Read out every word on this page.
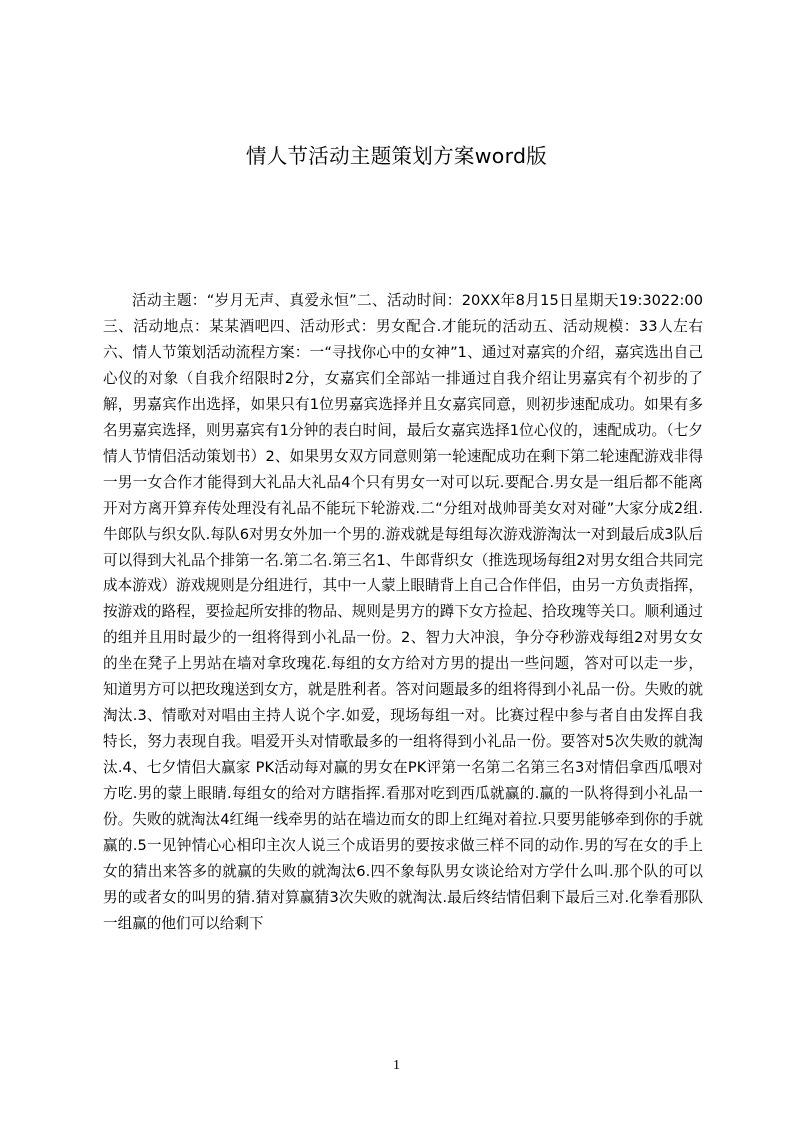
情人节活动主题策划方案word版

活动主题：“岁月无声、真爱永恒”二、活动时间：20XX年8月15日星期天19:3022:00三、活动地点：某某酒吧四、活动形式：男女配合.才能玩的活动五、活动规模：33人左右六、情人节策划活动流程方案：一“寻找你心中的女神”1、通过对嘉宾的介绍，嘉宾选出自己心仪的对象（自我介绍限时2分，女嘉宾们全部站一排通过自我介绍让男嘉宾有个初步的了解，男嘉宾作出选择，如果只有1位男嘉宾选择并且女嘉宾同意，则初步速配成功。如果有多名男嘉宾选择，则男嘉宾有1分钟的表白时间，最后女嘉宾选择1位心仪的，速配成功。（七夕情人节情侣活动策划书）2、如果男女双方同意则第一轮速配成功在剩下第二轮速配游戏非得一男一女合作才能得到大礼品大礼品4个只有男女一对可以玩.要配合.男女是一组后都不能离开对方离开算弃传处理没有礼品不能玩下轮游戏.二“分组对战帅哥美女对对碰”大家分成2组.牛郎队与织女队.每队6对男女外加一个男的.游戏就是每组每次游戏游淘汰一对到最后成3队后可以得到大礼品个排第一名.第二名.第三名1、牛郎背织女（推选现场每组2对男女组合共同完成本游戏）游戏规则是分组进行，其中一人蒙上眼睛背上自己合作伴侣，由另一方负责指挥，按游戏的路程，要捡起所安排的物品、规则是男方的蹲下女方捡起、拾玫瑰等关口。顺利通过的组并且用时最少的一组将得到小礼品一份。2、智力大冲浪，争分夺秒游戏每组2对男女女的坐在凳子上男站在墙对拿玫瑰花.每组的女方给对方男的提出一些问题，答对可以走一步，知道男方可以把玫瑰送到女方，就是胜利者。答对问题最多的组将得到小礼品一份。失败的就淘汰.3、情歌对对唱由主持人说个字.如爱，现场每组一对。比赛过程中参与者自由发挥自我特长，努力表现自我。唱爱开头对情歌最多的一组将得到小礼品一份。要答对5次失败的就淘汰.4、七夕情侣大赢家 PK活动每对赢的男女在PK评第一名第二名第三名3对情侣拿西瓜喂对方吃.男的蒙上眼睛.每组女的给对方瞎指挥.看那对吃到西瓜就赢的.赢的一队将得到小礼品一份。失败的就淘汰4红绳一线牵男的站在墙边而女的即上红绳对着拉.只要男能够牵到你的手就赢的.5一见钟情心心相印主次人说三个成语男的要按求做三样不同的动作.男的写在女的手上女的猜出来答多的就赢的失败的就淘汰6.四不象每队男女谈论给对方学什么叫.那个队的可以男的或者女的叫男的猜.猜对算赢猜3次失败的就淘汰.最后终结情侣剩下最后三对.化拳看那队一组赢的他们可以给剩下

1
